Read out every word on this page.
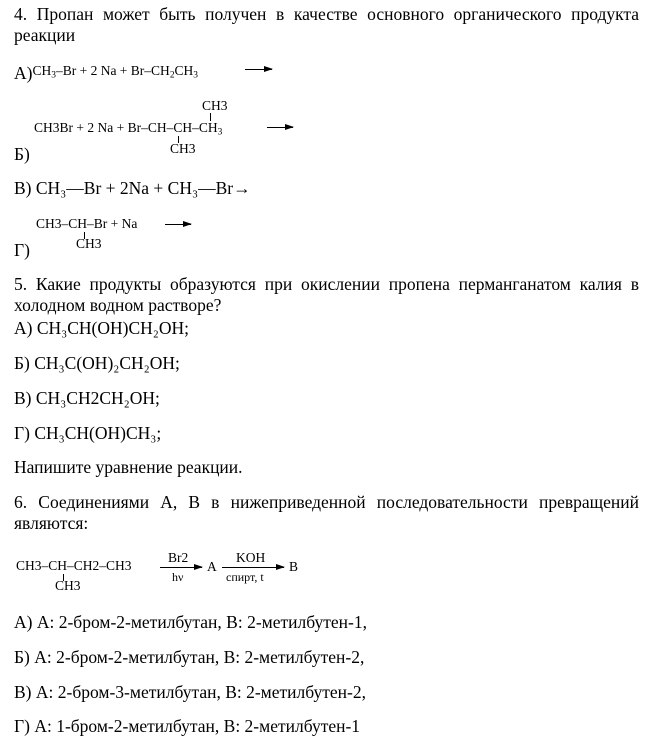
4. Пропан может быть получен в качестве основного органического продукта реакции
А)$^{CH_3-Br + 2 Na + Br-CH_2CH_3}$
CH3
CH3Br + 2 $Na + Br-CH-CH-CH_3$
CH3
Б)
В) CH₃—Br + 2Na + CH₃—Br→
CH3–CH–Br + Na
CH3
Г)
5. Какие продукты образуются при окислении пропена перманганатом калия в холодном водном растворе?
А) CH₃CH(OH)CH₂OH;
Б) CH₃C(OH)₂CH₂OH;
В) CH₃CH2CH₂OH;
Г) CH₃CH(OH)CH₃;
Напишите уравнение реакции.
6. Соединениями А, В в нижеприведенной последовательности превращений являются:
CH3–CH–CH2–CH3
CH3
Br2
hν
A
KOH
спирт, t
B
А) А: 2-бром-2-метилбутан, В: 2-метилбутен-1,
Б) А: 2-бром-2-метилбутан, В: 2-метилбутен-2,
В) А: 2-бром-3-метилбутан, В: 2-метилбутен-2,
Г) А: 1-бром-2-метилбутан, В: 2-метилбутен-1
